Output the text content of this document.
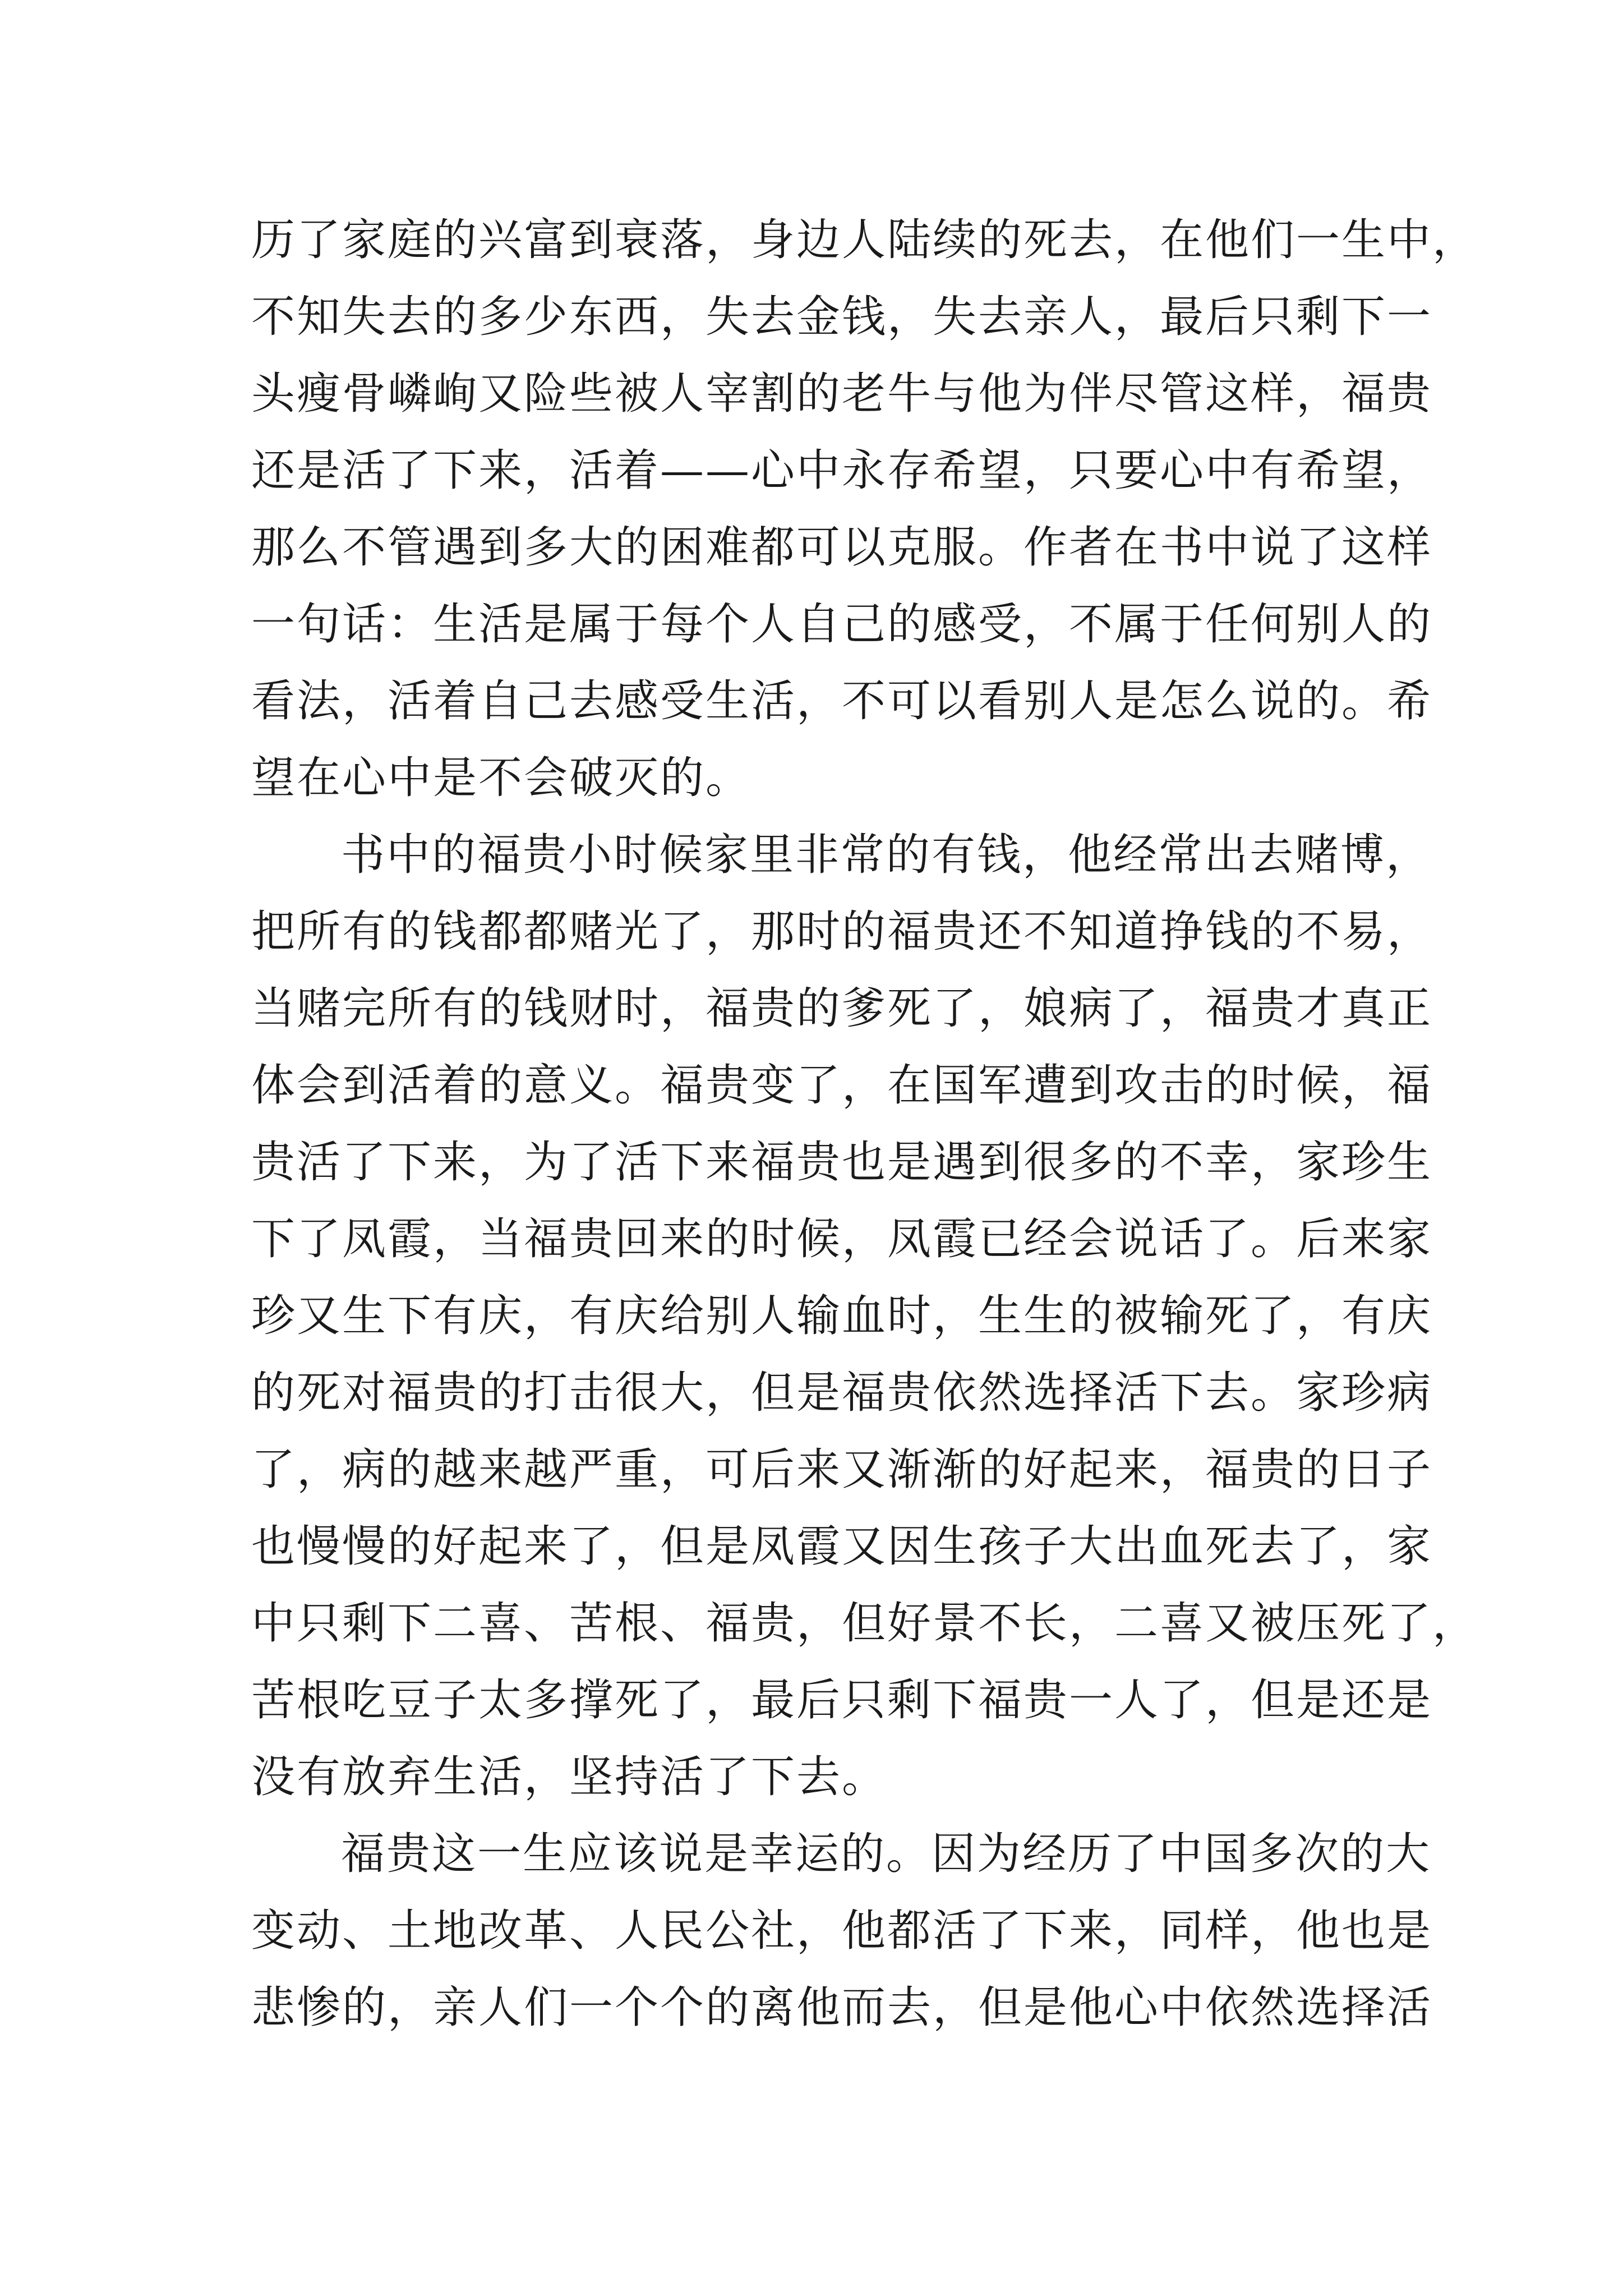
历了家庭的兴富到衰落，身边人陆续的死去，在他们一生中，
不知失去的多少东西，失去金钱，失去亲人，最后只剩下一
头瘦骨嶙峋又险些被人宰割的老牛与他为伴尽管这样，福贵
还是活了下来，活着——心中永存希望，只要心中有希望，
那么不管遇到多大的困难都可以克服。作者在书中说了这样
一句话：生活是属于每个人自己的感受，不属于任何别人的
看法，活着自己去感受生活，不可以看别人是怎么说的。希
望在心中是不会破灭的。
书中的福贵小时候家里非常的有钱，他经常出去赌博，
把所有的钱都都赌光了，那时的福贵还不知道挣钱的不易，
当赌完所有的钱财时，福贵的爹死了，娘病了，福贵才真正
体会到活着的意义。福贵变了，在国军遭到攻击的时候，福
贵活了下来，为了活下来福贵也是遇到很多的不幸，家珍生
下了凤霞，当福贵回来的时候，凤霞已经会说话了。后来家
珍又生下有庆，有庆给别人输血时，生生的被输死了，有庆
的死对福贵的打击很大，但是福贵依然选择活下去。家珍病
了，病的越来越严重，可后来又渐渐的好起来，福贵的日子
也慢慢的好起来了，但是凤霞又因生孩子大出血死去了，家
中只剩下二喜、苦根、福贵，但好景不长，二喜又被压死了，
苦根吃豆子太多撑死了，最后只剩下福贵一人了，但是还是
没有放弃生活，坚持活了下去。
福贵这一生应该说是幸运的。因为经历了中国多次的大
变动、土地改革、人民公社，他都活了下来，同样，他也是
悲惨的，亲人们一个个的离他而去，但是他心中依然选择活
